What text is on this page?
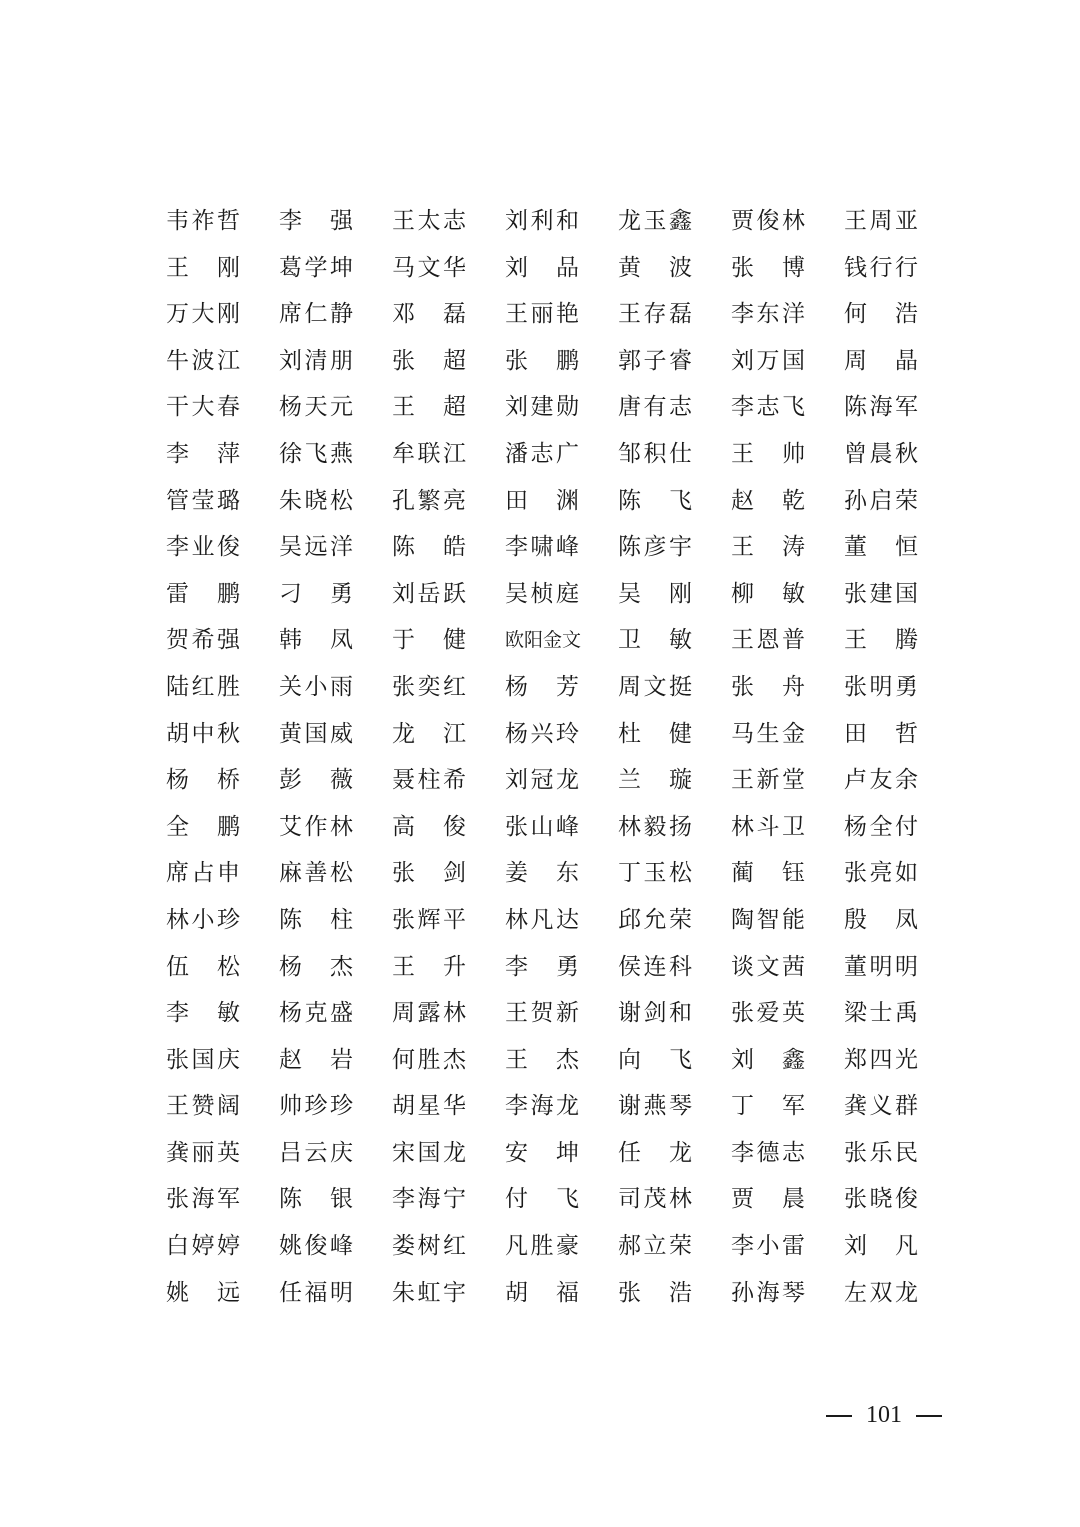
韦 祚 哲 李 强 王 太 志 刘 利 和 龙 玉 鑫 贾 俊 林 王 周 亚
王 刚 葛 学 坤 马 文 华 刘 品 黄 波 张 博 钱 行 行
万 大 刚 席 仁 静 邓 磊 王 丽 艳 王 存 磊 李 东 洋 何 浩
牛 波 江 刘 清 朋 张 超 张 鹏 郭 子 睿 刘 万 国 周 晶
干 大 春 杨 天 元 王 超 刘 建 勋 唐 有 志 李 志 飞 陈 海 军
李 萍 徐 飞 燕 牟 联 江 潘 志 广 邹 积 仕 王 帅 曾 晨 秋
管 莹 璐 朱 晓 松 孔 繁 亮 田 渊 陈 飞 赵 乾 孙 启 荣
李 业 俊 吴 远 洋 陈 皓 李 啸 峰 陈 彦 宇 王 涛 董 恒
雷 鹏 刁 勇 刘 岳 跃 吴 桢 庭 吴 刚 柳 敏 张 建 国
贺 希 强 韩 凤 于 健 欧阳金文	卫 敏 王 恩 普 王 腾
陆 红 胜 关 小 雨 张 奕 红 杨 芳 周 文 挺 张 舟 张 明 勇
胡 中 秋 黄 国 威 龙 江 杨 兴 玲 杜 健 马 生 金 田 哲
杨 桥 彭 薇 聂 柱 希 刘 冠 龙 兰 璇 王 新 堂 卢 友 余
全 鹏 艾 作 林 高 俊 张 山 峰 林 毅 扬 林 斗 卫 杨 全 付
席 占 申 麻 善 松 张 剑 姜 东 丁 玉 松 蔺 钰 张 亮 如
林 小 珍 陈 柱 张 辉 平 林 凡 达 邱 允 荣 陶 智 能 殷 凤
伍 松 杨 杰 王 升 李 勇 侯 连 科 谈 文 茜 董 明 明
李 敏 杨 克 盛 周 露 林 王 贺 新 谢 剑 和 张 爱 英 梁 士 禹
张 国 庆 赵 岩 何 胜 杰 王 杰 向 飞 刘 鑫 郑 四 光
王 赞 阔 帅 珍 珍 胡 星 华 李 海 龙 谢 燕 琴 丁 军 龚 义 群
龚 丽 英 吕 云 庆 宋 国 龙 安 坤 任 龙 李 德 志 张 乐 民
张 海 军 陈 银 李 海 宁 付 飞 司 茂 林 贾 晨 张 晓 俊
白 婷 婷 姚 俊 峰 娄 树 红 凡 胜 豪 郝 立 荣 李 小 雷 刘 凡
姚 远 任 福 明 朱 虹 宇 胡 福 张 浩 孙 海 琴 左 双 龙
101
